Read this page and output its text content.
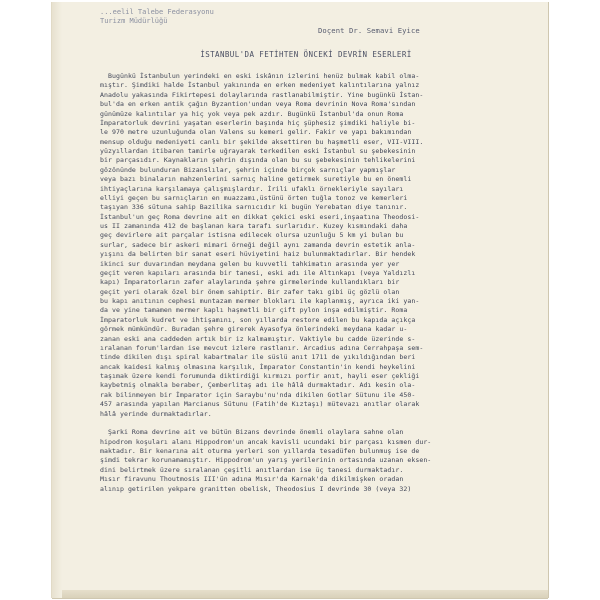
...eelil Talebe Federasyonu
Turizm Müdürlüğü
Doçent Dr. Semavi Eyice
İSTANBUL'DA FETİHTEN ÖNCEKİ DEVRİN ESERLERİ
Bugünkü İstanbulun yerindeki en eski iskânın izlerini henüz bulmak kabil olma-
mıştır. Şimdiki halde İstanbul yakınında en erken medeniyet kalıntılarına yalnız
Anadolu yakasında Fikirtepesi dolaylarında rastlanabilmiştir. Yine bugünkü İstan-
bul'da en erken antik çağın Byzantion'undan veya Roma devrinin Nova Roma'sından
günümüze kalıntılar ya hiç yok veya pek azdır. Bugünkü İstanbul'da onun Roma
İmparatorluk devrini yaşatan eserlerin başında hiç şüphesiz şimdiki haliyle bi-
le 970 metre uzunluğunda olan Valens su kemeri gelir. Fakir ve yapı bakımından
mensup olduğu medeniyeti canlı bir şekilde aksettiren bu haşmetli eser, VII-VIII.
yüzyıllardan itibaren tamirle uğrayarak terkedilen eski İstanbul su şebekesinin
bir parçasıdır. Kaynakların şehrin dışında olan bu su şebekesinin tehlikelerini
gözönünde bulunduran Bizanslılar, şehrin içinde birçok sarnıçlar yapmışlar
veya bazı binaların mahzenlerini sarnıç haline getirmek suretiyle bu en önemli
ihtiyaçlarına karşılamaya çalışmışlardır. İrili ufaklı örnekleriyle sayıları
elliyi geçen bu sarnıçların en muazzamı,üstünü örten tuğla tonoz ve kemerleri
taşıyan 336 sütuna sahip Bazilika sarnıcıdır ki bugün Yerebatan diye tanınır.
İstanbul'un geç Roma devrine ait en dikkat çekici eski eseri,inşaatına Theodosi-
us II zamanında 412 de başlanan kara tarafı surlarıdır. Kuzey kısmındaki daha
geç devirlere ait parçalar istisna edilecek olursa uzunluğu 5 km yi bulan bu
surlar, sadece bir askeri mimari örneği değil aynı zamanda devrin estetik anla-
yışını da belirten bir sanat eseri hüviyetini haiz bulunmaktadırlar. Bir hendek
ikinci sur duvarından meydana gelen bu kuvvetli tahkimatın arasında yer yer
geçit veren kapıları arasında bir tanesi, eski adı ile Altınkapı (veya Yaldızlı
kapı) İmparatorların zafer alaylarında şehre girmelerinde kullandıkları bir
geçit yeri olarak özel bir önem sahiptir. Bir zafer takı gibi üç gözlü olan
bu kapı anıtının cephesi muntazam mermer blokları ile kaplanmış, ayrıca iki yan-
da ve yine tamamen mermer kaplı haşmetli bir çift pylon inşa edilmiştir. Roma
İmparatorluk kudret ve ihtişamını, son yıllarda restore edilen bu kapıda açıkça
görmek mümkündür. Buradan şehre girerek Ayasofya önlerindeki meydana kadar u-
zanan eski ana caddeden artık bir iz kalmamıştır. Vaktiyle bu cadde üzerinde s-
ıralanan forum'lardan ise mevcut izlere rastlanır. Arcadius adına Cerrahpaşa sem-
tinde dikilen dışı spiral kabartmalar ile süslü anıt 1711 de yıkıldığından beri
ancak kaidesi kalmış olmasına karşılık, İmparator Constantin'in kendi heykelini
taşımak üzere kendi forumunda diktirdiği kırmızı porfir anıt, hayli eser çekliği
kaybetmiş olmakla beraber, Çemberlitaş adı ile hâlâ durmaktadır. Adı kesin ola-
rak bilinmeyen bir İmparator için Saraybu'nu'nda dikilen Gotlar Sütunu ile 450-
457 arasında yapılan Marcianus Sütunu (Fatih'de Kıztaşı) mütevazı anıtlar olarak
hâlâ yerinde durmaktadırlar.
Şarki Roma devrine ait ve bütün Bizans devrinde önemli olaylara sahne olan
hipodrom koşuları alanı Hippodrom'un ancak kavisli ucundaki bir parçası kısmen dur-
maktadır. Bir kenarına ait oturma yerleri son yıllarda tesadüfen bulunmuş ise de
şimdi tekrar korunamamıştır. Hippodrom'un yarış yerilerinin ortasında uzanan eksen-
dini belirtmek üzere sıralanan çeşitli anıtlardan ise üç tanesi durmaktadır.
Mısır firavunu Thoutmosis III'ün adına Mısır'da Karnak'da dikilmişken oradan
alınıp getirilen yekpare granitten obelisk, Theodosius I devrinde 30 (veya 32)
